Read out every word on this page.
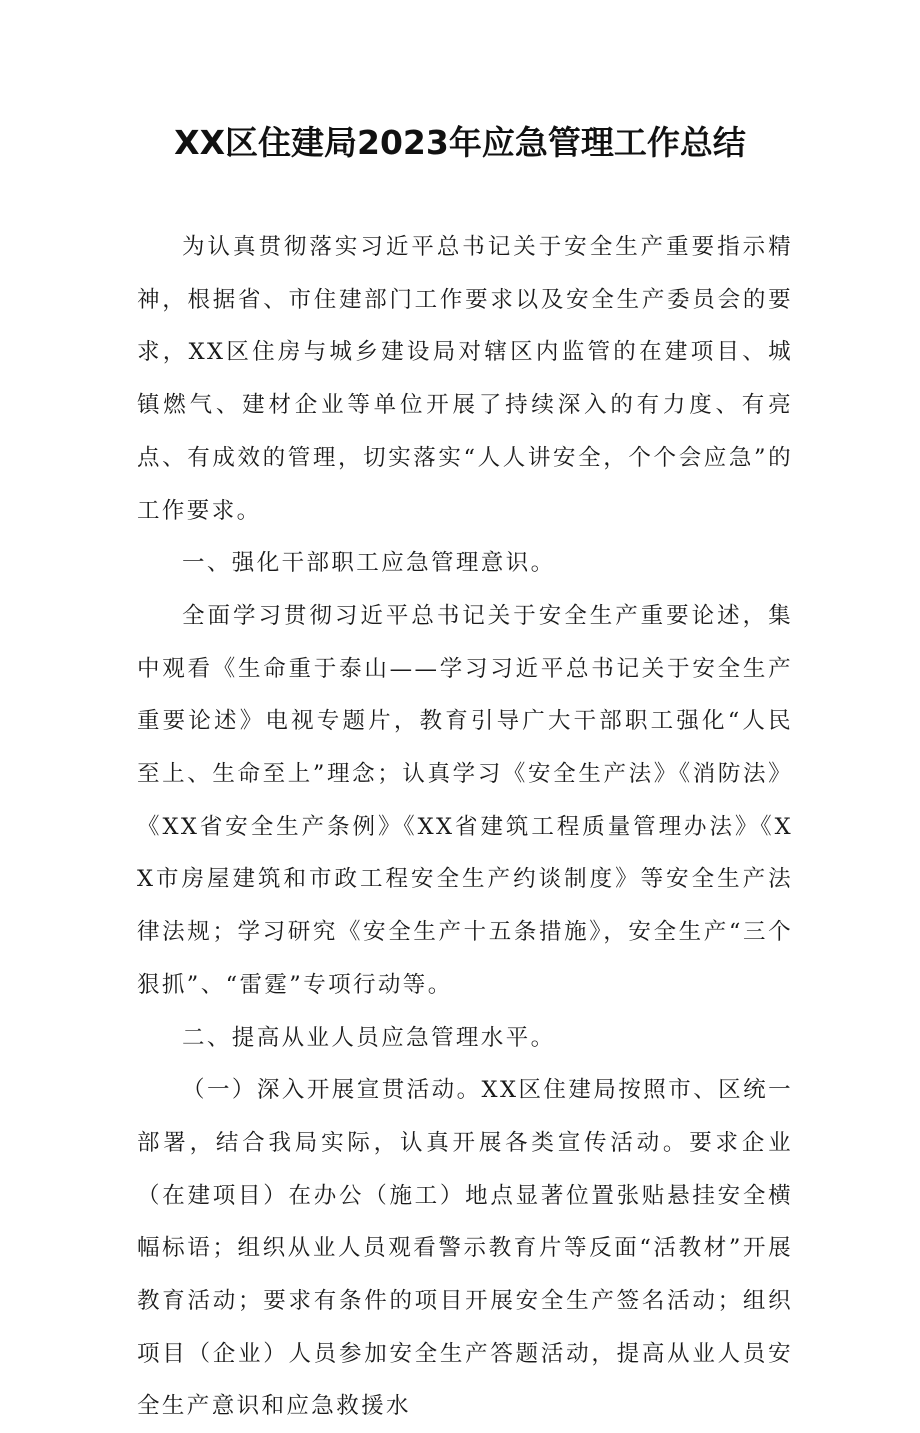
XX区住建局2023年应急管理工作总结

为认真贯彻落实习近平总书记关于安全生产重要指示精神，根据省、市住建部门工作要求以及安全生产委员会的要求，XX区住房与城乡建设局对辖区内监管的在建项目、城镇燃气、建材企业等单位开展了持续深入的有力度、有亮点、有成效的管理，切实落实“人人讲安全，个个会应急”的工作要求。

一、强化干部职工应急管理意识。

全面学习贯彻习近平总书记关于安全生产重要论述，集中观看《生命重于泰山——学习习近平总书记关于安全生产重要论述》电视专题片，教育引导广大干部职工强化“人民至上、生命至上”理念；认真学习《安全生产法》《消防法》《XX省安全生产条例》《XX省建筑工程质量管理办法》《XX市房屋建筑和市政工程安全生产约谈制度》等安全生产法律法规；学习研究《安全生产十五条措施》，安全生产“三个狠抓”、“雷霆”专项行动等。

二、提高从业人员应急管理水平。

（一）深入开展宣贯活动。XX区住建局按照市、区统一部署，结合我局实际，认真开展各类宣传活动。要求企业（在建项目）在办公（施工）地点显著位置张贴悬挂安全横幅标语；组织从业人员观看警示教育片等反面“活教材”开展教育活动；要求有条件的项目开展安全生产签名活动；组织项目（企业）人员参加安全生产答题活动，提高从业人员安全生产意识和应急救援水
